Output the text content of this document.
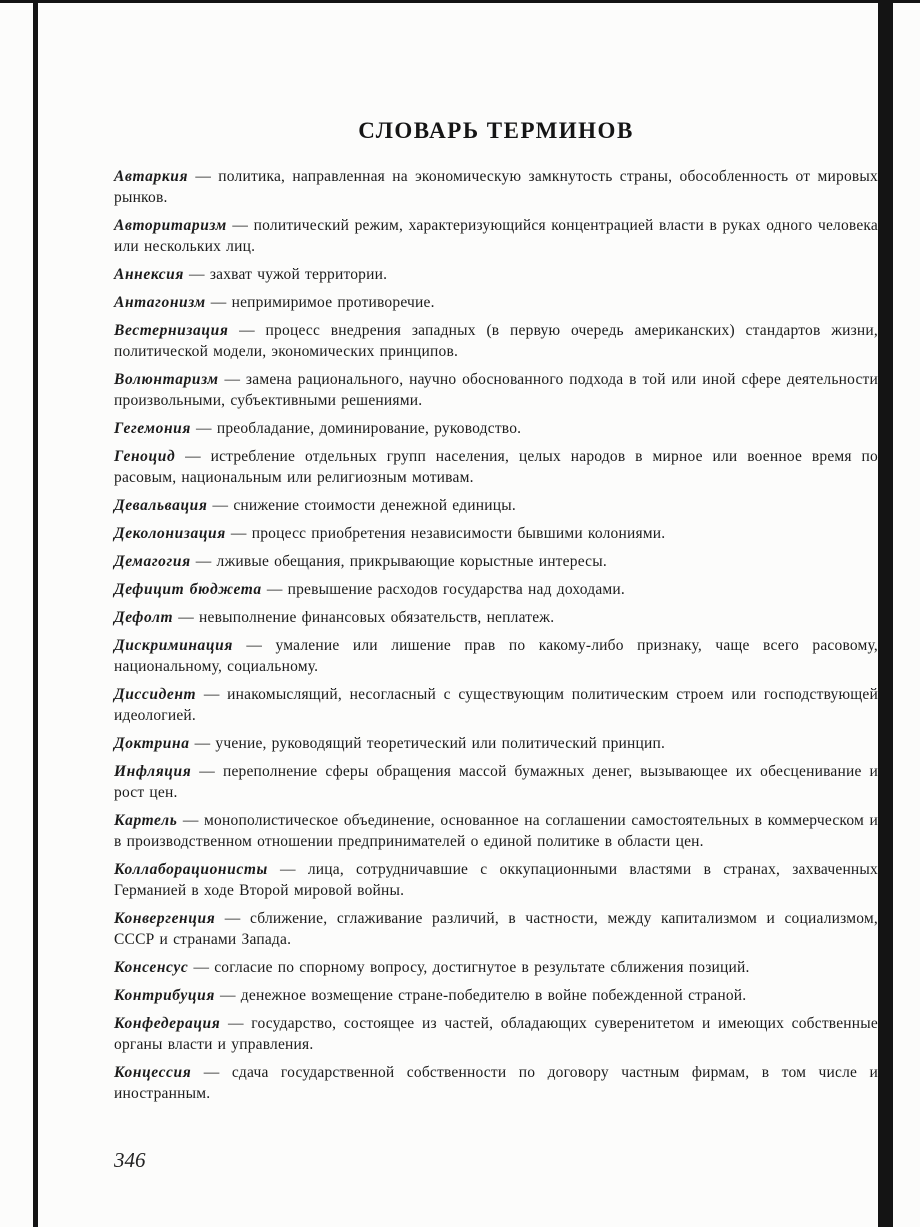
СЛОВАРЬ ТЕРМИНОВ

Автаркия — политика, направленная на экономическую замкнутость страны, обособленность от мировых рынков.

Авторитаризм — политический режим, характеризующийся концентрацией власти в руках одного человека или нескольких лиц.

Аннексия — захват чужой территории.

Антагонизм — непримиримое противоречие.

Вестернизация — процесс внедрения западных (в первую очередь американских) стандартов жизни, политической модели, экономических принципов.

Волюнтаризм — замена рационального, научно обоснованного подхода в той или иной сфере деятельности произвольными, субъективными решениями.

Гегемония — преобладание, доминирование, руководство.

Геноцид — истребление отдельных групп населения, целых народов в мирное или военное время по расовым, национальным или религиозным мотивам.

Девальвация — снижение стоимости денежной единицы.

Деколонизация — процесс приобретения независимости бывшими колониями.

Демагогия — лживые обещания, прикрывающие корыстные интересы.

Дефицит бюджета — превышение расходов государства над доходами.

Дефолт — невыполнение финансовых обязательств, неплатеж.

Дискриминация — умаление или лишение прав по какому-либо признаку, чаще всего расовому, национальному, социальному.

Диссидент — инакомыслящий, несогласный с существующим политическим строем или господствующей идеологией.

Доктрина — учение, руководящий теоретический или политический принцип.

Инфляция — переполнение сферы обращения массой бумажных денег, вызывающее их обесценивание и рост цен.

Картель — монополистическое объединение, основанное на соглашении самостоятельных в коммерческом и в производственном отношении предпринимателей о единой политике в области цен.

Коллаборационисты — лица, сотрудничавшие с оккупационными властями в странах, захваченных Германией в ходе Второй мировой войны.

Конвергенция — сближение, сглаживание различий, в частности, между капитализмом и социализмом, СССР и странами Запада.

Консенсус — согласие по спорному вопросу, достигнутое в результате сближения позиций.

Контрибуция — денежное возмещение стране-победителю в войне побежденной страной.

Конфедерация — государство, состоящее из частей, обладающих суверенитетом и имеющих собственные органы власти и управления.

Концессия — сдача государственной собственности по договору частным фирмам, в том числе и иностранным.

346
